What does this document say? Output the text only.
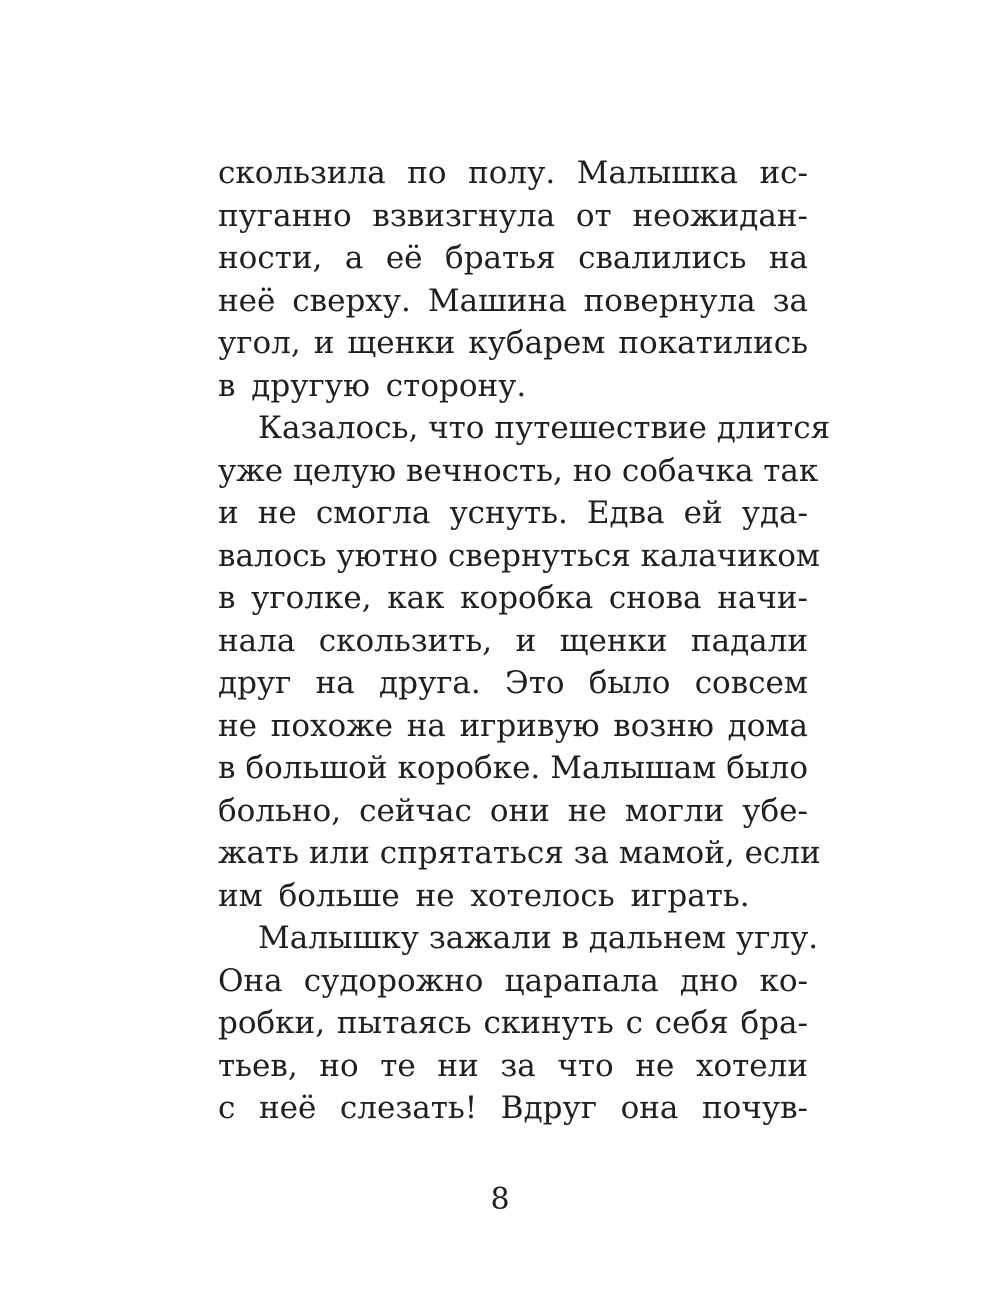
скользила по полу. Малышка ис-
пуганно взвизгнула от неожидан-
ности, а её братья свалились на
неё сверху. Машина повернула за
угол, и щенки кубарем покатились
в другую сторону.
Казалось, что путешествие длится
уже целую вечность, но собачка так
и не смогла уснуть. Едва ей уда-
валось уютно свернуться калачиком
в уголке, как коробка снова начи-
нала скользить, и щенки падали
друг на друга. Это было совсем
не похоже на игривую возню дома
в большой коробке. Малышам было
больно, сейчас они не могли убе-
жать или спрятаться за мамой, если
им больше не хотелось играть.
Малышку зажали в дальнем углу.
Она судорожно царапала дно ко-
робки, пытаясь скинуть с себя бра-
тьев, но те ни за что не хотели
с неё слезать! Вдруг она почув-
8
